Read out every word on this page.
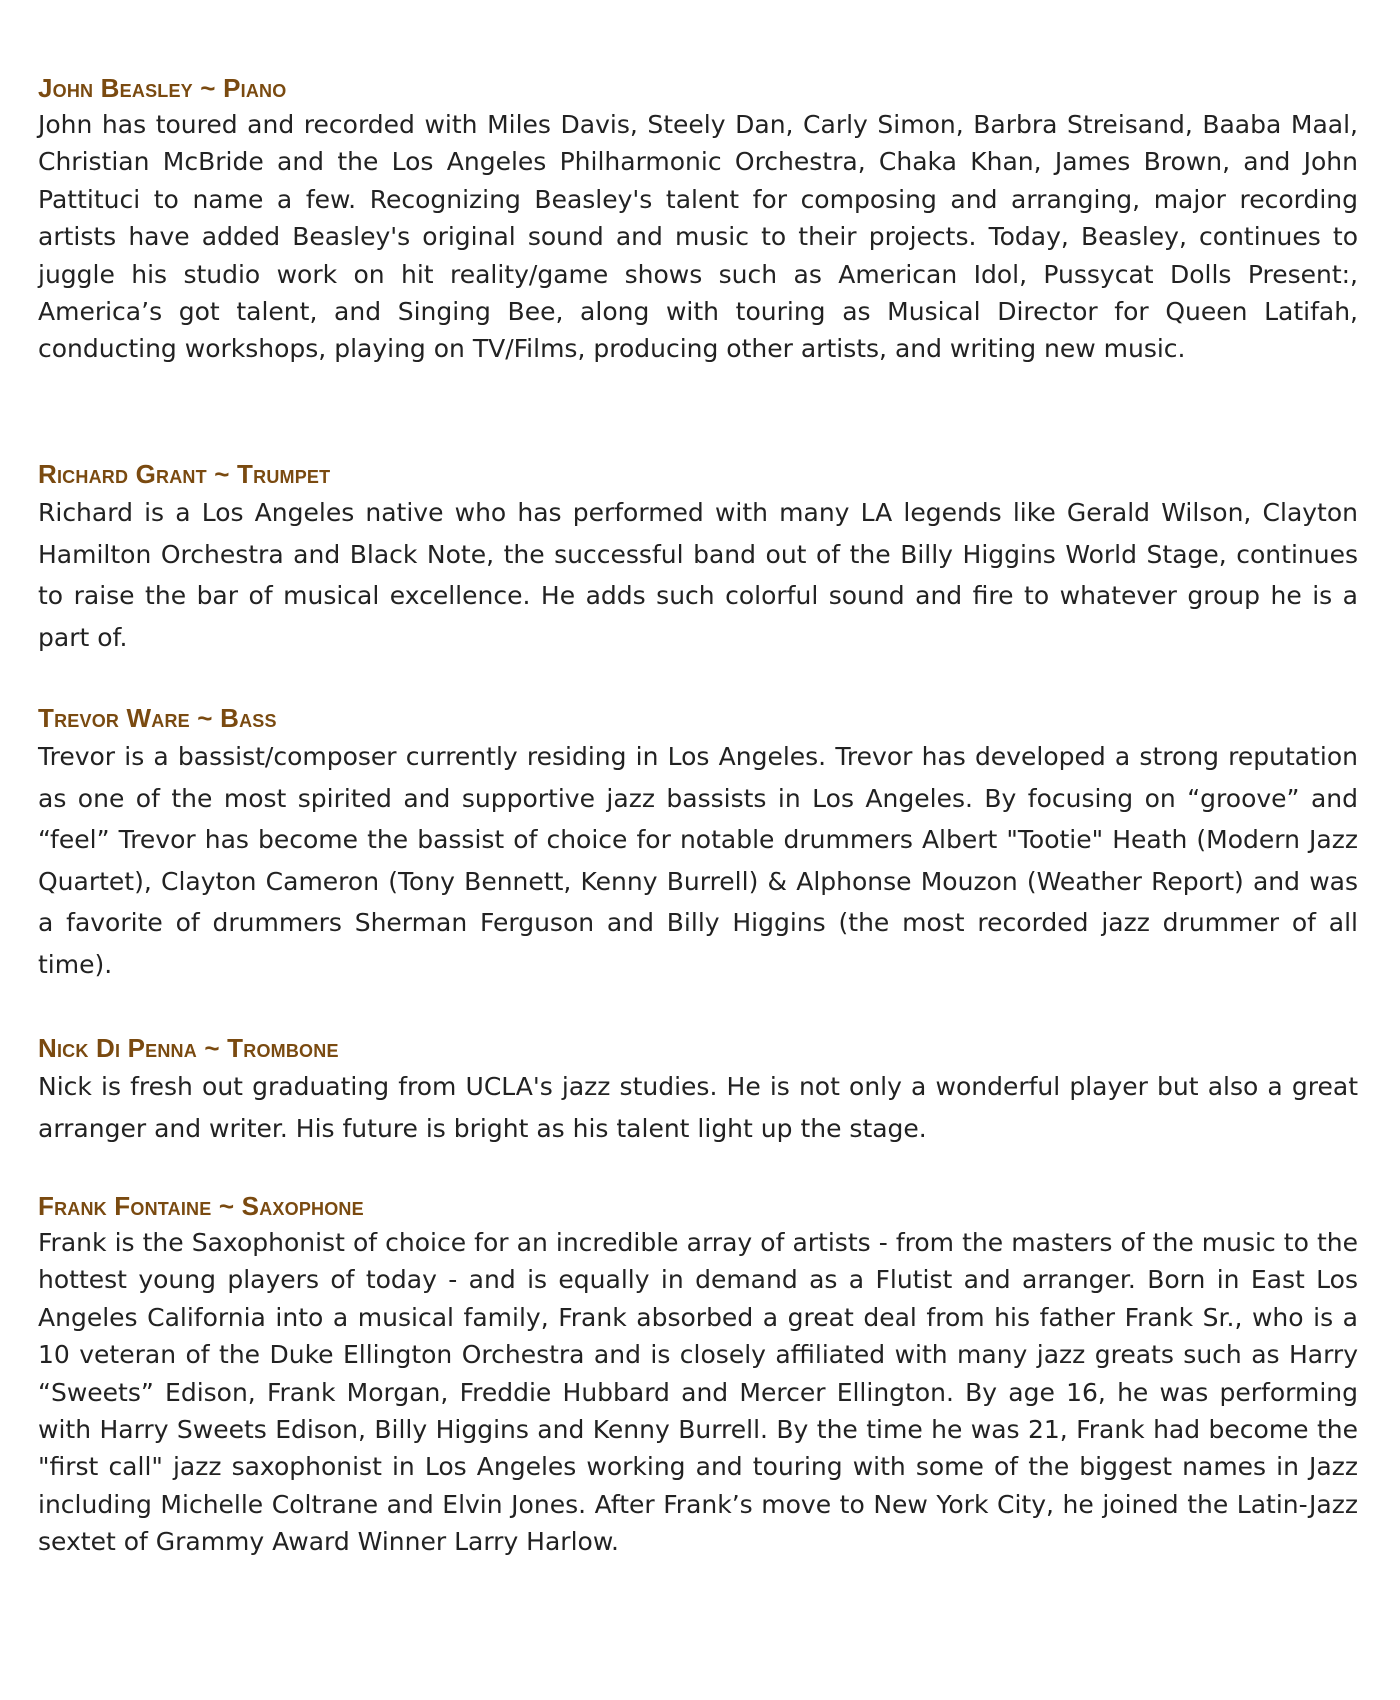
John Beasley ~ Piano

John has toured and recorded with Miles Davis, Steely Dan, Carly Simon, Barbra Streisand, Baaba Maal, Christian McBride and the Los Angeles Philharmonic Orchestra, Chaka Khan, James Brown, and John Pattituci to name a few. Recognizing Beasley's talent for composing and arranging, major recording artists have added Beasley's original sound and music to their projects. Today, Beasley, continues to juggle his studio work on hit reality/game shows such as American Idol, Pussycat Dolls Present:, America’s got talent, and Singing Bee, along with touring as Musical Director for Queen Latifah, conducting workshops, playing on TV/Films, producing other artists, and writing new music.

Richard Grant ~ Trumpet

Richard is a Los Angeles native who has performed with many LA legends like Gerald Wilson, Clayton Hamilton Orchestra and Black Note, the successful band out of the Billy Higgins World Stage, continues to raise the bar of musical excellence. He adds such colorful sound and fire to whatever group he is a part of.

Trevor Ware ~ Bass

Trevor is a bassist/composer currently residing in Los Angeles. Trevor has developed a strong reputation as one of the most spirited and supportive jazz bassists in Los Angeles. By focusing on “groove” and “feel” Trevor has become the bassist of choice for notable drummers Albert "Tootie" Heath (Modern Jazz Quartet), Clayton Cameron (Tony Bennett, Kenny Burrell) & Alphonse Mouzon (Weather Report) and was a favorite of drummers Sherman Ferguson and Billy Higgins (the most recorded jazz drummer of all time).

Nick Di Penna ~ Trombone

Nick is fresh out graduating from UCLA's jazz studies. He is not only a wonderful player but also a great arranger and writer. His future is bright as his talent light up the stage.

Frank Fontaine ~ Saxophone

Frank is the Saxophonist of choice for an incredible array of artists - from the masters of the music to the hottest young players of today - and is equally in demand as a Flutist and arranger. Born in East Los Angeles California into a musical family, Frank absorbed a great deal from his father Frank Sr., who is a 10 veteran of the Duke Ellington Orchestra and is closely affiliated with many jazz greats such as Harry “Sweets” Edison, Frank Morgan, Freddie Hubbard and Mercer Ellington. By age 16, he was performing with Harry Sweets Edison, Billy Higgins and Kenny Burrell. By the time he was 21, Frank had become the "first call" jazz saxophonist in Los Angeles working and touring with some of the biggest names in Jazz including Michelle Coltrane and Elvin Jones. After Frank’s move to New York City, he joined the Latin-Jazz sextet of Grammy Award Winner Larry Harlow.
